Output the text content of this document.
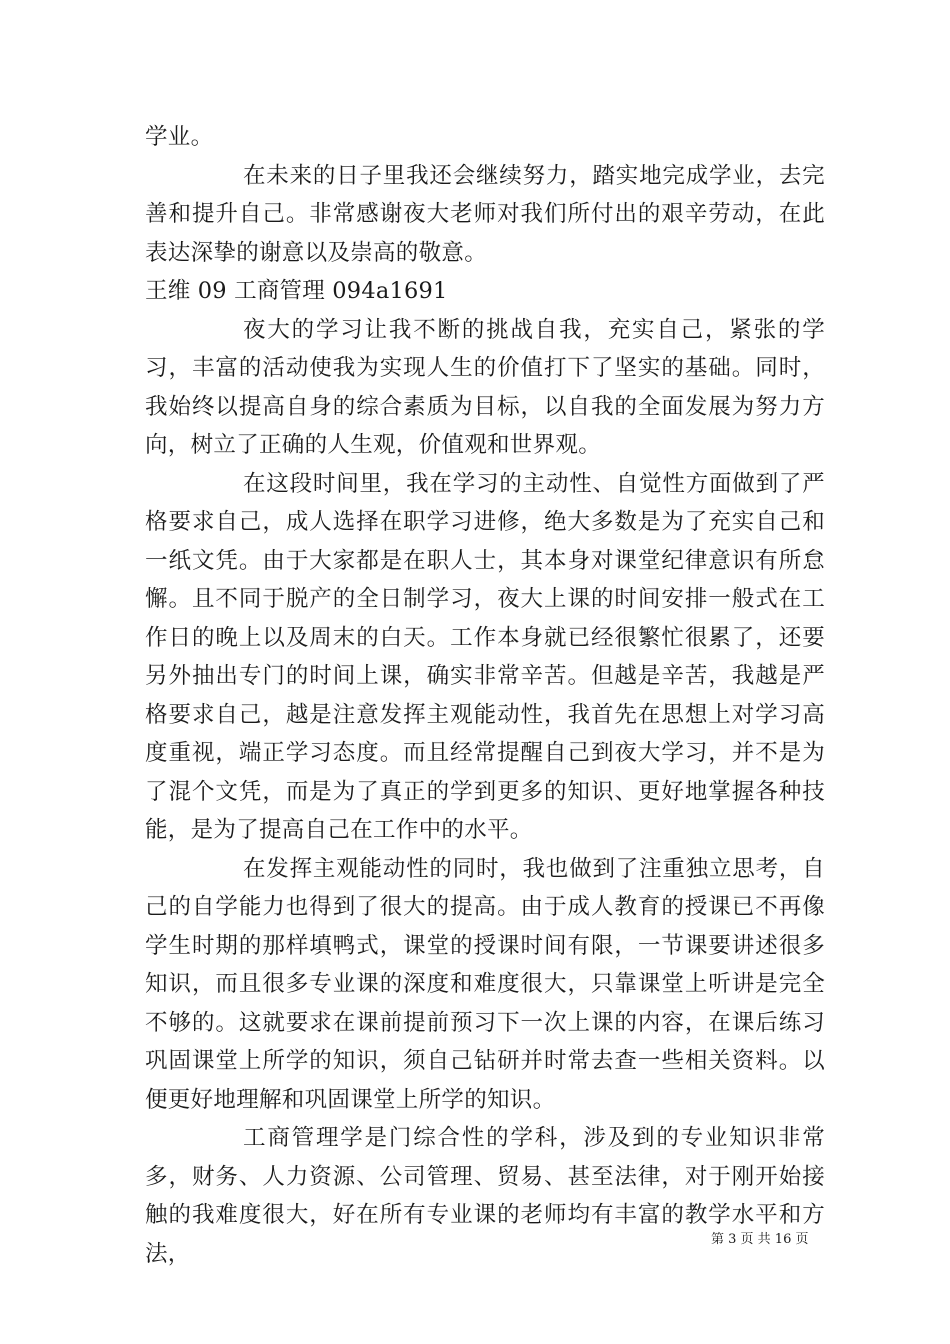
学业。

在未来的日子里我还会继续努力，踏实地完成学业，去完善和提升自己。非常感谢夜大老师对我们所付出的艰辛劳动，在此表达深挚的谢意以及崇高的敬意。

王维 09 工商管理 094a1691

夜大的学习让我不断的挑战自我，充实自己，紧张的学习，丰富的活动使我为实现人生的价值打下了坚实的基础。同时，我始终以提高自身的综合素质为目标，以自我的全面发展为努力方向，树立了正确的人生观，价值观和世界观。

在这段时间里，我在学习的主动性、自觉性方面做到了严格要求自己，成人选择在职学习进修，绝大多数是为了充实自己和一纸文凭。由于大家都是在职人士，其本身对课堂纪律意识有所怠懈。且不同于脱产的全日制学习，夜大上课的时间安排一般式在工作日的晚上以及周末的白天。工作本身就已经很繁忙很累了，还要另外抽出专门的时间上课，确实非常辛苦。但越是辛苦，我越是严格要求自己，越是注意发挥主观能动性，我首先在思想上对学习高度重视，端正学习态度。而且经常提醒自己到夜大学习，并不是为了混个文凭，而是为了真正的学到更多的知识、更好地掌握各种技能，是为了提高自己在工作中的水平。

在发挥主观能动性的同时，我也做到了注重独立思考，自己的自学能力也得到了很大的提高。由于成人教育的授课已不再像学生时期的那样填鸭式，课堂的授课时间有限，一节课要讲述很多知识，而且很多专业课的深度和难度很大，只靠课堂上听讲是完全不够的。这就要求在课前提前预习下一次上课的内容，在课后练习巩固课堂上所学的知识，须自己钻研并时常去查一些相关资料。以便更好地理解和巩固课堂上所学的知识。

工商管理学是门综合性的学科，涉及到的专业知识非常多，财务、人力资源、公司管理、贸易、甚至法律，对于刚开始接触的我难度很大，好在所有专业课的老师均有丰富的教学水平和方法，

第 3 页 共 16 页
